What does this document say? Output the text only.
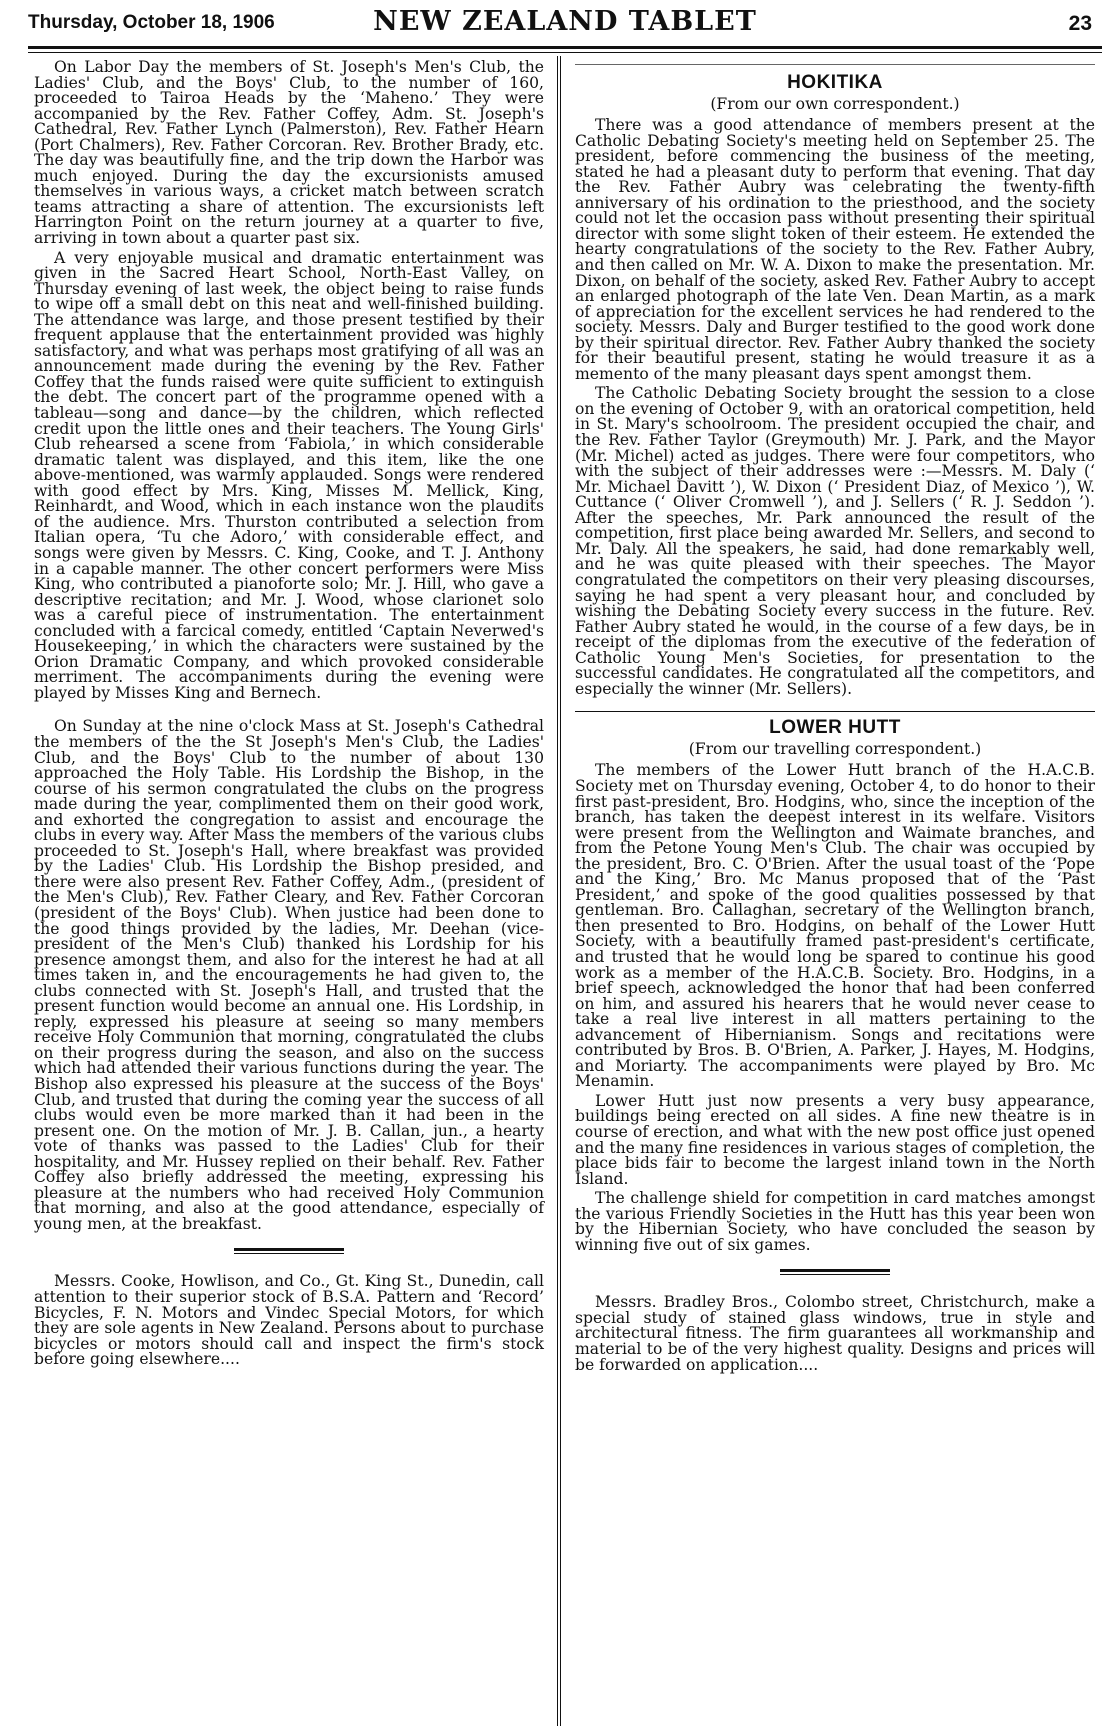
Thursday, October 18, 1906	NEW ZEALAND TABLET	23

On Labor Day the members of St. Joseph's Men's Club, the Ladies' Club, and the Boys' Club, to the number of 160, proceeded to Tairoa Heads by the ‘Maheno.’ They were accompanied by the Rev. Father Coffey, Adm. St. Joseph's Cathedral, Rev. Father Lynch (Palmerston), Rev. Father Hearn (Port Chalmers), Rev. Father Corcoran. Rev. Brother Brady, etc. The day was beautifully fine, and the trip down the Harbor was much enjoyed. During the day the excursionists amused themselves in various ways, a cricket match between scratch teams attracting a share of attention. The excursionists left Harrington Point on the return journey at a quarter to five, arriving in town about a quarter past six.

A very enjoyable musical and dramatic entertainment was given in the Sacred Heart School, North-East Valley, on Thursday evening of last week, the object being to raise funds to wipe off a small debt on this neat and well-finished building. The attendance was large, and those present testified by their frequent applause that the entertainment provided was highly satisfactory, and what was perhaps most gratifying of all was an announcement made during the evening by the Rev. Father Coffey that the funds raised were quite sufficient to extinguish the debt. The concert part of the programme opened with a tableau—song and dance—by the children, which reflected credit upon the little ones and their teachers. The Young Girls' Club rehearsed a scene from ‘Fabiola,’ in which considerable dramatic talent was displayed, and this item, like the one above-mentioned, was warmly applauded. Songs were rendered with good effect by Mrs. King, Misses M. Mellick, King, Reinhardt, and Wood, which in each instance won the plaudits of the audience. Mrs. Thurston contributed a selection from Italian opera, ‘Tu che Adoro,’ with considerable effect, and songs were given by Messrs. C. King, Cooke, and T. J. Anthony in a capable manner. The other concert performers were Miss King, who contributed a pianoforte solo; Mr. J. Hill, who gave a descriptive recitation; and Mr. J. Wood, whose clarionet solo was a careful piece of instrumentation. The entertainment concluded with a farcical comedy, entitled ‘Captain Neverwed's Housekeeping,’ in which the characters were sustained by the Orion Dramatic Company, and which provoked considerable merriment. The accompaniments during the evening were played by Misses King and Bernech.

On Sunday at the nine o'clock Mass at St. Joseph's Cathedral the members of the the St Joseph's Men's Club, the Ladies' Club, and the Boys' Club to the number of about 130 approached the Holy Table. His Lordship the Bishop, in the course of his sermon congratulated the clubs on the progress made during the year, complimented them on their good work, and exhorted the congregation to assist and encourage the clubs in every way. After Mass the members of the various clubs proceeded to St. Joseph's Hall, where breakfast was provided by the Ladies' Club. His Lordship the Bishop presided, and there were also present Rev. Father Coffey, Adm., (president of the Men's Club), Rev. Father Cleary, and Rev. Father Corcoran (president of the Boys' Club). When justice had been done to the good things provided by the ladies, Mr. Deehan (vice-president of the Men's Club) thanked his Lordship for his presence amongst them, and also for the interest he had at all times taken in, and the encouragements he had given to, the clubs connected with St. Joseph's Hall, and trusted that the present function would become an annual one. His Lordship, in reply, expressed his pleasure at seeing so many members receive Holy Communion that morning, congratulated the clubs on their progress during the season, and also on the success which had attended their various functions during the year. The Bishop also expressed his pleasure at the success of the Boys' Club, and trusted that during the coming year the success of all clubs would even be more marked than it had been in the present one. On the motion of Mr. J. B. Callan, jun., a hearty vote of thanks was passed to the Ladies' Club for their hospitality, and Mr. Hussey replied on their behalf. Rev. Father Coffey also briefly addressed the meeting, expressing his pleasure at the numbers who had received Holy Communion that morning, and also at the good attendance, especially of young men, at the breakfast.

Messrs. Cooke, Howlison, and Co., Gt. King St., Dunedin, call attention to their superior stock of B.S.A. Pattern and ‘Record’ Bicycles, F. N. Motors and Vindec Special Motors, for which they are sole agents in New Zealand. Persons about to purchase bicycles or motors should call and inspect the firm's stock before going elsewhere....

HOKITIKA
(From our own correspondent.)

There was a good attendance of members present at the Catholic Debating Society's meeting held on September 25. The president, before commencing the business of the meeting, stated he had a pleasant duty to perform that evening. That day the Rev. Father Aubry was celebrating the twenty-fifth anniversary of his ordination to the priesthood, and the society could not let the occasion pass without presenting their spiritual director with some slight token of their esteem. He extended the hearty congratulations of the society to the Rev. Father Aubry, and then called on Mr. W. A. Dixon to make the presentation. Mr. Dixon, on behalf of the society, asked Rev. Father Aubry to accept an enlarged photograph of the late Ven. Dean Martin, as a mark of appreciation for the excellent services he had rendered to the society. Messrs. Daly and Burger testified to the good work done by their spiritual director. Rev. Father Aubry thanked the society for their beautiful present, stating he would treasure it as a memento of the many pleasant days spent amongst them.

The Catholic Debating Society brought the session to a close on the evening of October 9, with an oratorical competition, held in St. Mary's schoolroom. The president occupied the chair, and the Rev. Father Taylor (Greymouth) Mr. J. Park, and the Mayor (Mr. Michel) acted as judges. There were four competitors, who with the subject of their addresses were :—Messrs. M. Daly (‘ Mr. Michael Davitt ’), W. Dixon (‘ President Diaz, of Mexico ’), W. Cuttance (‘ Oliver Cromwell ’), and J. Sellers (‘ R. J. Seddon ’). After the speeches, Mr. Park announced the result of the competition, first place being awarded Mr. Sellers, and second to Mr. Daly. All the speakers, he said, had done remarkably well, and he was quite pleased with their speeches. The Mayor congratulated the competitors on their very pleasing discourses, saying he had spent a very pleasant hour, and concluded by wishing the Debating Society every success in the future. Rev. Father Aubry stated he would, in the course of a few days, be in receipt of the diplomas from the executive of the federation of Catholic Young Men's Societies, for presentation to the successful candidates. He congratulated all the competitors, and especially the winner (Mr. Sellers).

LOWER HUTT
(From our travelling correspondent.)

The members of the Lower Hutt branch of the H.A.C.B. Society met on Thursday evening, October 4, to do honor to their first past-president, Bro. Hodgins, who, since the inception of the branch, has taken the deepest interest in its welfare. Visitors were present from the Wellington and Waimate branches, and from the Petone Young Men's Club. The chair was occupied by the president, Bro. C. O'Brien. After the usual toast of the ‘Pope and the King,’ Bro. Mc Manus proposed that of the ‘Past President,’ and spoke of the good qualities possessed by that gentleman. Bro. Callaghan, secretary of the Wellington branch, then presented to Bro. Hodgins, on behalf of the Lower Hutt Society, with a beautifully framed past-president's certificate, and trusted that he would long be spared to continue his good work as a member of the H.A.C.B. Society. Bro. Hodgins, in a brief speech, acknowledged the honor that had been conferred on him, and assured his hearers that he would never cease to take a real live interest in all matters pertaining to the advancement of Hibernianism. Songs and recitations were contributed by Bros. B. O'Brien, A. Parker, J. Hayes, M. Hodgins, and Moriarty. The accompaniments were played by Bro. Mc Menamin.

Lower Hutt just now presents a very busy appearance, buildings being erected on all sides. A fine new theatre is in course of erection, and what with the new post office just opened and the many fine residences in various stages of completion, the place bids fair to become the largest inland town in the North Island.

The challenge shield for competition in card matches amongst the various Friendly Societies in the Hutt has this year been won by the Hibernian Society, who have concluded the season by winning five out of six games.

Messrs. Bradley Bros., Colombo street, Christchurch, make a special study of stained glass windows, true in style and architectural fitness. The firm guarantees all workmanship and material to be of the very highest quality. Designs and prices will be forwarded on application....
